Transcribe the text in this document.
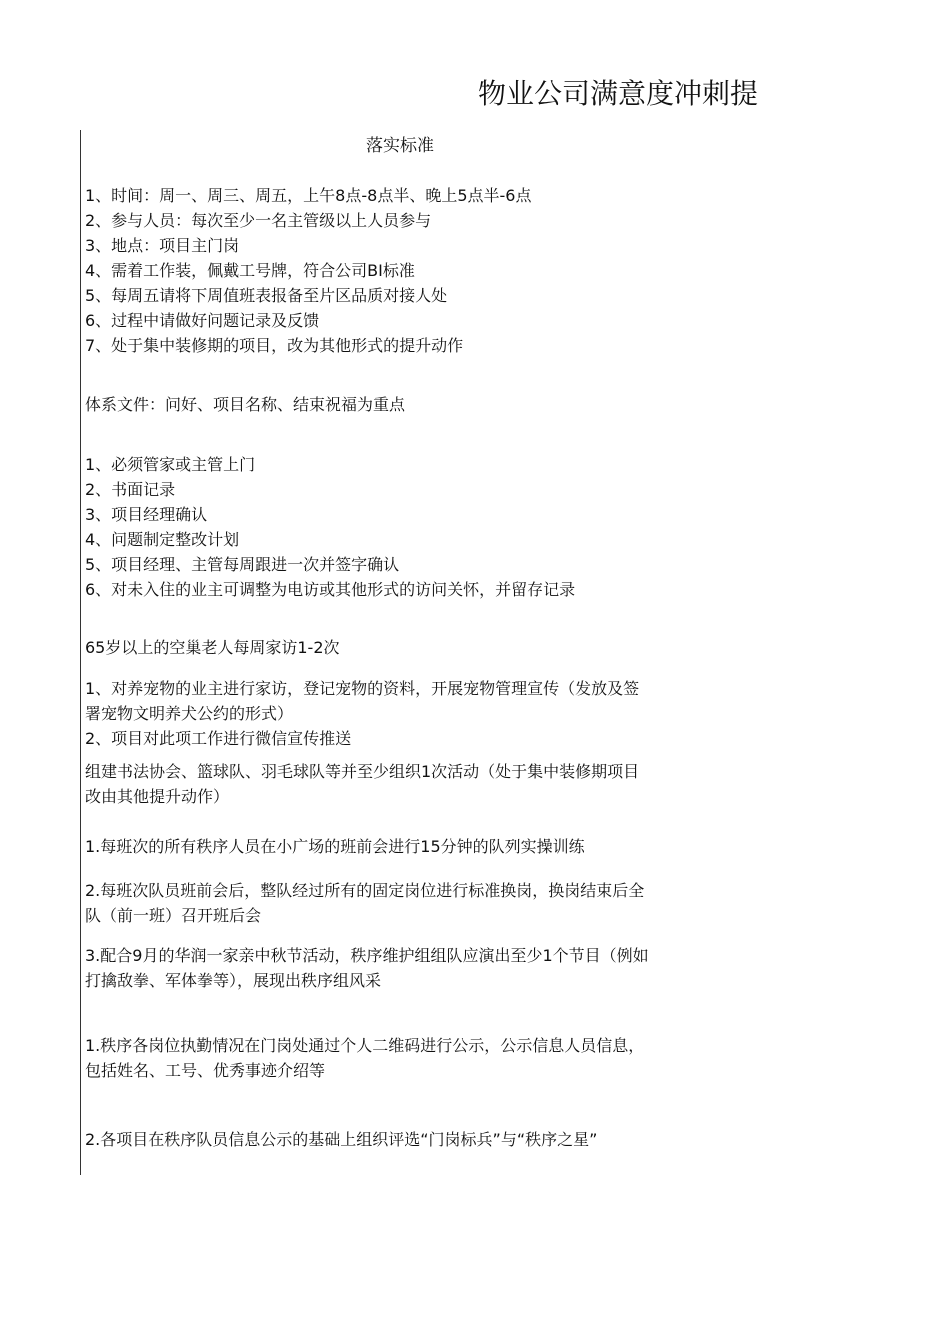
物业公司满意度冲刺提
落实标准
1、时间：周一、周三、周五，上午8点-8点半、晚上5点半-6点
2、参与人员：每次至少一名主管级以上人员参与
3、地点：项目主门岗
4、需着工作装，佩戴工号牌，符合公司BI标准
5、每周五请将下周值班表报备至片区品质对接人处
6、过程中请做好问题记录及反馈
7、处于集中装修期的项目，改为其他形式的提升动作
体系文件：问好、项目名称、结束祝福为重点
1、必须管家或主管上门
2、书面记录
3、项目经理确认
4、问题制定整改计划
5、项目经理、主管每周跟进一次并签字确认
6、对未入住的业主可调整为电访或其他形式的访问关怀，并留存记录
65岁以上的空巢老人每周家访1-2次
1、对养宠物的业主进行家访，登记宠物的资料，开展宠物管理宣传（发放及签
署宠物文明养犬公约的形式）
2、项目对此项工作进行微信宣传推送
组建书法协会、篮球队、羽毛球队等并至少组织1次活动（处于集中装修期项目
改由其他提升动作）
1.每班次的所有秩序人员在小广场的班前会进行15分钟的队列实操训练
2.每班次队员班前会后，整队经过所有的固定岗位进行标准换岗，换岗结束后全
队（前一班）召开班后会
3.配合9月的华润一家亲中秋节活动，秩序维护组组队应演出至少1个节目（例如
打擒敌拳、军体拳等），展现出秩序组风采
1.秩序各岗位执勤情况在门岗处通过个人二维码进行公示，公示信息人员信息，
包括姓名、工号、优秀事迹介绍等
2.各项目在秩序队员信息公示的基础上组织评选“门岗标兵”与“秩序之星”
